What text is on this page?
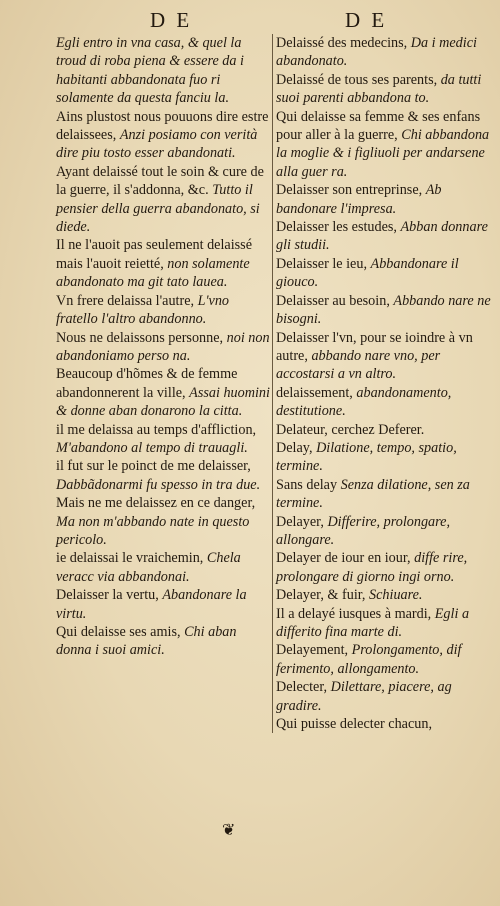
D E	D E

Egli entro in vna casa, & quel la troud di roba piena & essere da i habitanti abbandonata fuo ri solamente da questa fanciu la.

Ains plustost nous pouuons dire estre delaissees, Anzi posiamo con verità dire piu tosto esser abandonati.

Ayant delaissé tout le soin & cure de la guerre, il s'addonna, &c. Tutto il pensier della guerra abandonato, si diede.

Il ne l'auoit pas seulement delaissé mais l'auoit reietté, non solamente abandonato ma git tato lauea.

Vn frere delaissa l'autre, L'vno fratello l'altro abandonno.

Nous ne delaissons personne, noi non abandoniamo perso na.

Beaucoup d'hõmes & de femme abandonnerent la ville, Assai huomini & donne aban donarono la citta.

il me delaissa au temps d'affliction, M'abandono al tempo di trauagli.

il fut sur le poinct de me delaisser, Dabbãdonarmi fu spesso in tra due.

Mais ne me delaissez en ce danger, Ma non m'abbando nate in questo pericolo.

ie delaissai le vraichemin, Chela veracc via abbandonai.

Delaisser la vertu, Abandonare la virtu.

Qui delaisse ses amis, Chi aban donna i suoi amici.

Delaissé des medecins, Da i medici abandonato.

Delaissé de tous ses parents, da tutti suoi parenti abbandona to.

Qui delaisse sa femme & ses enfans pour aller à la guerre, Chi abbandona la moglie & i figliuoli per andarsene alla guer ra.

Delaisser son entreprinse, Ab bandonare l'impresa.

Delaisser les estudes, Abban donnare gli studii.

Delaisser le ieu, Abbandonare il giouco.

Delaisser au besoin, Abbando nare ne bisogni.

Delaisser l'vn, pour se ioindre à vn autre, abbando nare vno, per accostarsi a vn altro.

delaissement, abandonamento, destitutione.

Delateur, cerchez Deferer.

Delay, Dilatione, tempo, spatio, termine.

Sans delay Senza dilatione, sen za termine.

Delayer, Differire, prolongare, allongare.

Delayer de iour en iour, diffe rire, prolongare di giorno ingi orno.

Delayer, & fuir, Schiuare.

Il a delayé iusques à mardi, Egli a differito fina marte di.

Delayement, Prolongamento, dif ferimento, allongamento.

Delecter, Dilettare, piacere, ag gradire.

Qui puisse delecter chacun,

❦
